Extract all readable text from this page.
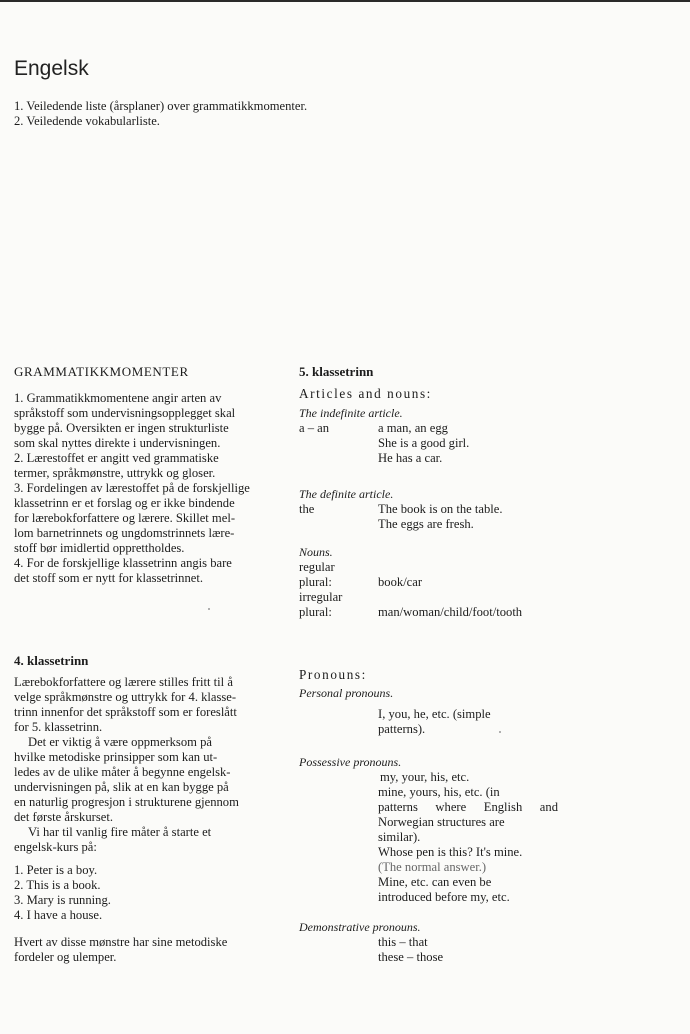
Engelsk
1. Veiledende liste (årsplaner) over grammatikkmomenter.
2. Veiledende vokabularliste.
GRAMMATIKKMOMENTER
1. Grammatikkmomentene angir arten av
språkstoff som undervisningsopplegget skal
bygge på. Oversikten er ingen strukturliste
som skal nyttes direkte i undervisningen.
2. Lærestoffet er angitt ved grammatiske
termer, språkmønstre, uttrykk og gloser.
3. Fordelingen av lærestoffet på de forskjellige
klassetrinn er et forslag og er ikke bindende
for lærebokforfattere og lærere. Skillet mel-
lom barnetrinnets og ungdomstrinnets lære-
stoff bør imidlertid opprettholdes.
4. For de forskjellige klassetrinn angis bare
det stoff som er nytt for klassetrinnet.
4. klassetrinn
Lærebokforfattere og lærere stilles fritt til å
velge språkmønstre og uttrykk for 4. klasse-
trinn innenfor det språkstoff som er foreslått
for 5. klassetrinn.
Det er viktig å være oppmerksom på
hvilke metodiske prinsipper som kan ut-
ledes av de ulike måter å begynne engelsk-
undervisningen på, slik at en kan bygge på
en naturlig progresjon i strukturene gjennom
det første årskurset.
Vi har til vanlig fire måter å starte et
engelsk-kurs på:
1. Peter is a boy.
2. This is a book.
3. Mary is running.
4. I have a house.
Hvert av disse mønstre har sine metodiske
fordeler og ulemper.
5. klassetrinn
Articles and nouns:
The indefinite article.
a – an	a man, an egg
She is a good girl.
He has a car.
The definite article.
the	The book is on the table.
The eggs are fresh.
Nouns.
regular
plural:	book/car
irregular
plural:	man/woman/child/foot/tooth
Pronouns:
Personal pronouns.
I, you, he, etc. (simple
patterns).
Possessive pronouns.
my, your, his, etc.
mine, yours, his, etc. (in
patterns where English and
Norwegian structures are
similar).
Whose pen is this? It's mine.
(The normal answer.)
Mine, etc. can even be
introduced before my, etc.
Demonstrative pronouns.
this – that
these – those
